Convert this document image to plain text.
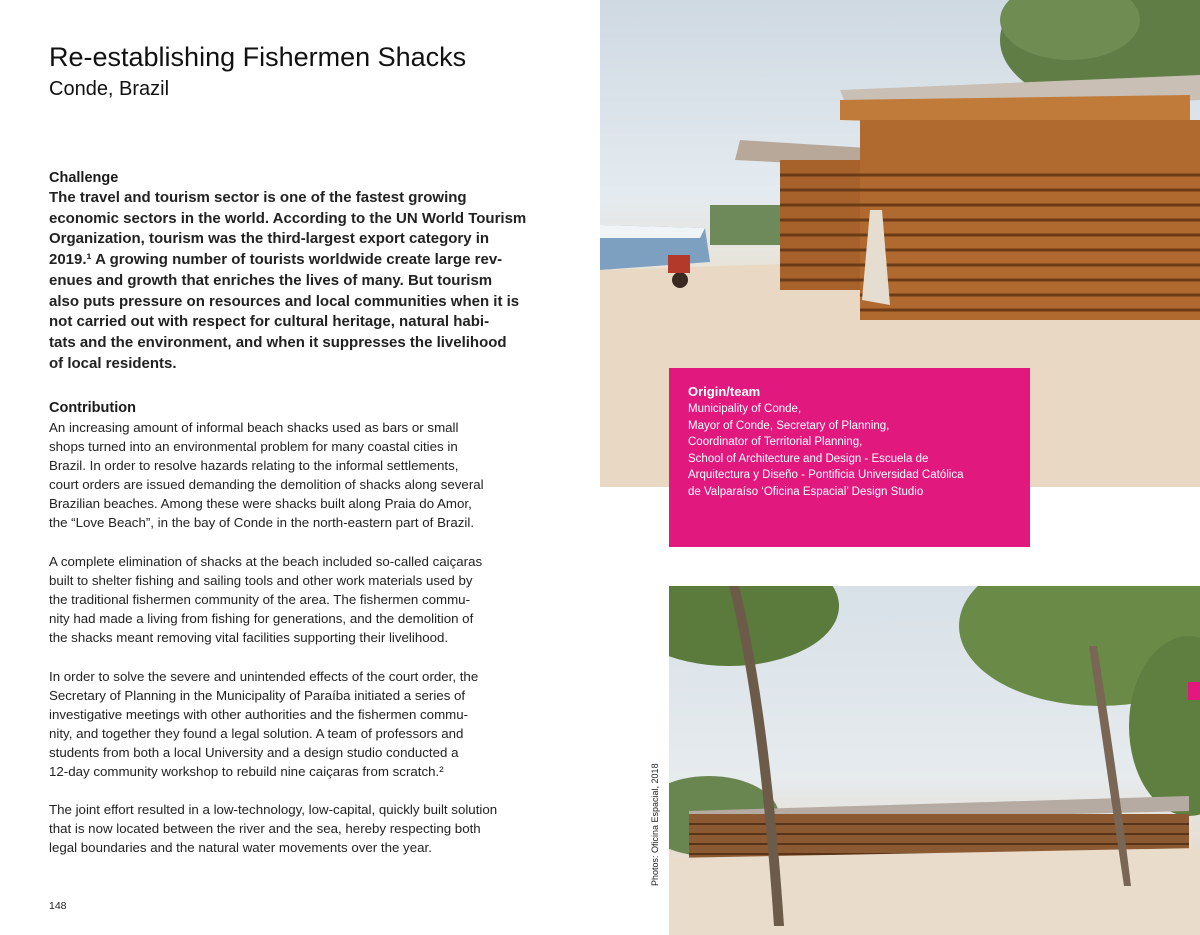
Re-establishing Fishermen Shacks
Conde, Brazil
Challenge
The travel and tourism sector is one of the fastest growing
economic sectors in the world. According to the UN World Tourism
Organization, tourism was the third-largest export category in
2019.¹ A growing number of tourists worldwide create large rev-
enues and growth that enriches the lives of many. But tourism
also puts pressure on resources and local communities when it is
not carried out with respect for cultural heritage, natural habi-
tats and the environment, and when it suppresses the livelihood
of local residents.
Contribution
An increasing amount of informal beach shacks used as bars or small
shops turned into an environmental problem for many coastal cities in
Brazil. In order to resolve hazards relating to the informal settlements,
court orders are issued demanding the demolition of shacks along several
Brazilian beaches. Among these were shacks built along Praia do Amor,
the “Love Beach”, in the bay of Conde in the north-eastern part of Brazil.
A complete elimination of shacks at the beach included so-called caiçaras
built to shelter fishing and sailing tools and other work materials used by
the traditional fishermen community of the area. The fishermen commu-
nity had made a living from fishing for generations, and the demolition of
the shacks meant removing vital facilities supporting their livelihood.
In order to solve the severe and unintended effects of the court order, the
Secretary of Planning in the Municipality of Paraíba initiated a series of
investigative meetings with other authorities and the fishermen commu-
nity, and together they found a legal solution. A team of professors and
students from both a local University and a design studio conducted a
12-day community workshop to rebuild nine caiçaras from scratch.²
The joint effort resulted in a low-technology, low-capital, quickly built solution
that is now located between the river and the sea, hereby respecting both
legal boundaries and the natural water movements over the year.
148
Origin/team
Municipality of Conde,
Mayor of Conde, Secretary of Planning,
Coordinator of Territorial Planning,
School of Architecture and Design - Escuela de
Arquitectura y Diseño - Pontificia Universidad Católica
de Valparaíso ‘Oficina Espacial’ Design Studio
Photos: Oficina Espacial, 2018
